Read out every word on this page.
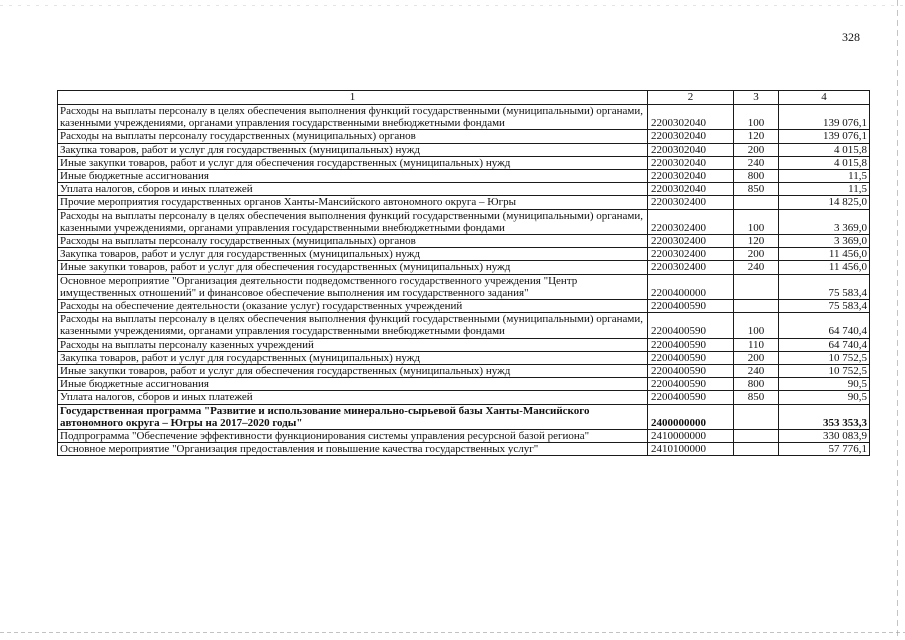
328
1	2	3	4
Расходы на выплаты персоналу в целях обеспечения выполнения функций государственными (муниципальными) органами, казенными учреждениями, органами управления государственными внебюджетными фондами	2200302040	100	139 076,1
Расходы на выплаты персоналу государственных (муниципальных) органов	2200302040	120	139 076,1
Закупка товаров, работ и услуг для государственных (муниципальных) нужд	2200302040	200	4 015,8
Иные закупки товаров, работ и услуг для обеспечения государственных (муниципальных) нужд	2200302040	240	4 015,8
Иные бюджетные ассигнования	2200302040	800	11,5
Уплата налогов, сборов и иных платежей	2200302040	850	11,5
Прочие мероприятия государственных органов Ханты-Мансийского автономного округа – Югры	2200302400		14 825,0
Расходы на выплаты персоналу в целях обеспечения выполнения функций государственными (муниципальными) органами, казенными учреждениями, органами управления государственными внебюджетными фондами	2200302400	100	3 369,0
Расходы на выплаты персоналу государственных (муниципальных) органов	2200302400	120	3 369,0
Закупка товаров, работ и услуг для государственных (муниципальных) нужд	2200302400	200	11 456,0
Иные закупки товаров, работ и услуг для обеспечения государственных (муниципальных) нужд	2200302400	240	11 456,0
Основное мероприятие "Организация деятельности подведомственного государственного учреждения "Центр имущественных отношений" и финансовое обеспечение выполнения им государственного задания"	2200400000		75 583,4
Расходы на обеспечение деятельности (оказание услуг) государственных учреждений	2200400590		75 583,4
Расходы на выплаты персоналу в целях обеспечения выполнения функций государственными (муниципальными) органами, казенными учреждениями, органами управления государственными внебюджетными фондами	2200400590	100	64 740,4
Расходы на выплаты персоналу казенных учреждений	2200400590	110	64 740,4
Закупка товаров, работ и услуг для государственных (муниципальных) нужд	2200400590	200	10 752,5
Иные закупки товаров, работ и услуг для обеспечения государственных (муниципальных) нужд	2200400590	240	10 752,5
Иные бюджетные ассигнования	2200400590	800	90,5
Уплата налогов, сборов и иных платежей	2200400590	850	90,5
Государственная программа "Развитие и использование минерально-сырьевой базы Ханты-Мансийского автономного округа – Югры на 2017–2020 годы"	2400000000		353 353,3
Подпрограмма "Обеспечение эффективности функционирования системы управления ресурсной базой региона"	2410000000		330 083,9
Основное мероприятие "Организация предоставления и повышение качества государственных услуг"	2410100000		57 776,1
